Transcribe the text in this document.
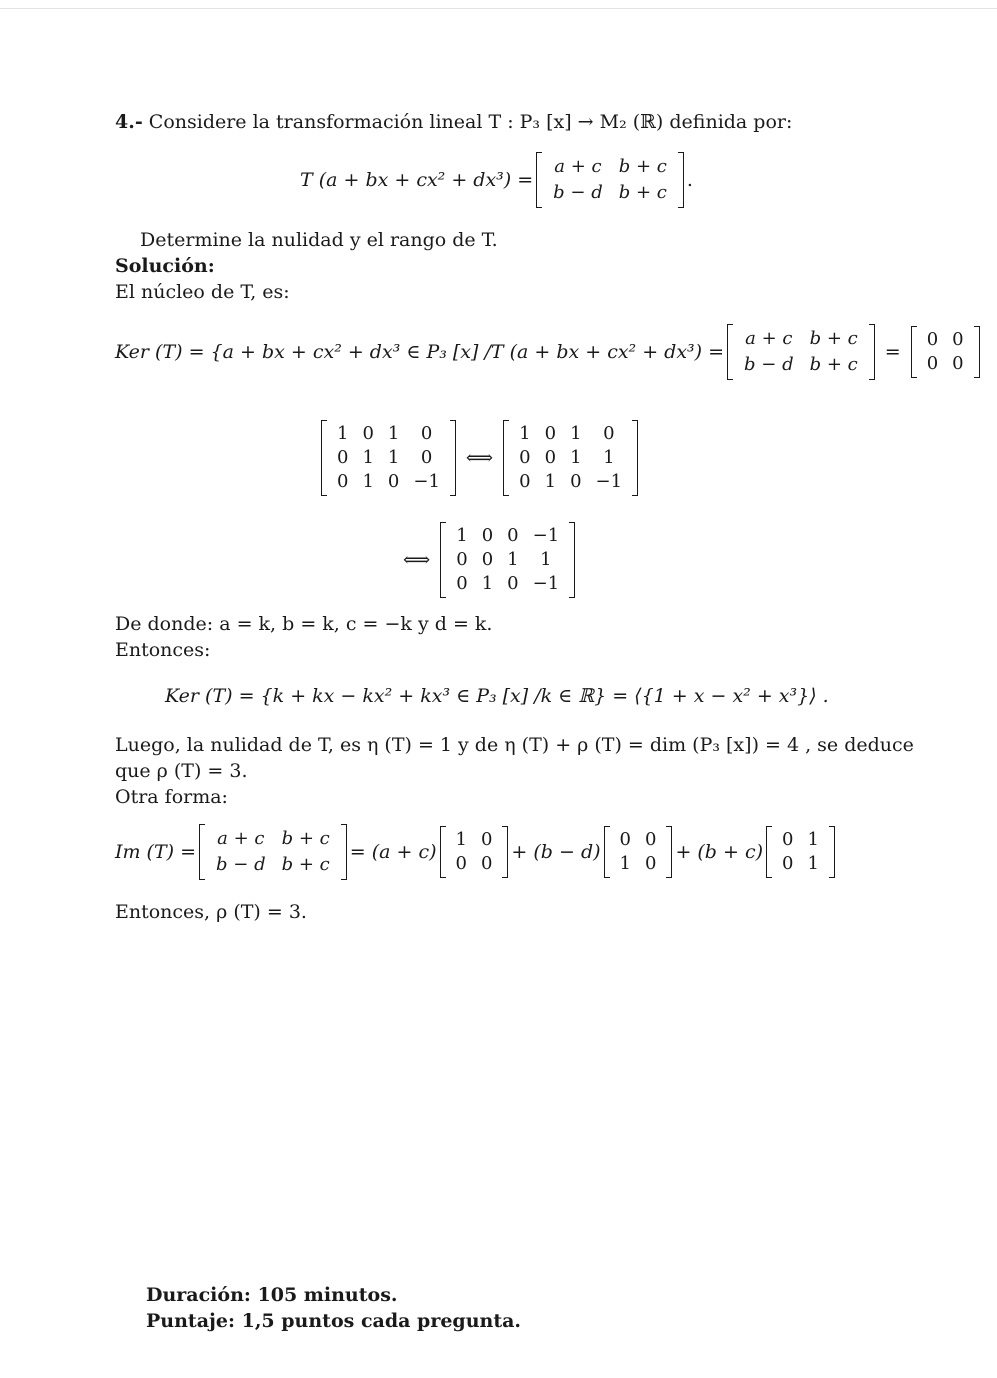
4.- Considere la transformación lineal T : P₃ [x] → M₂ (ℝ) definida por:
T (a + bx + cx² + dx³) =
a + c	b + c
b − d	b + c
.
Determine la nulidad y el rango de T.
Solución:
El núcleo de T, es:
Ker (T) = {a + bx + cx² + dx³ ∈ P₃ [x] /T (a + bx + cx² + dx³) =
a + c	b + c
b − d	b + c
=
0	0
0	0
1	0	1	0
0	1	1	0
0	1	0	−1
⟺
1	0	1	0
0	0	1	1
0	1	0	−1
⟺
1	0	0	−1
0	0	1	1
0	1	0	−1
De donde: a = k, b = k, c = −k y d = k.
Entonces:
Ker (T) = {k + kx − kx² + kx³ ∈ P₃ [x] /k ∈ ℝ} = ⟨{1 + x − x² + x³}⟩ .
Luego, la nulidad de T, es η (T) = 1 y de η (T) + ρ (T) = dim (P₃ [x]) = 4 , se deduce
que ρ (T) = 3.
Otra forma:
Im (T) =
a + c	b + c
b − d	b + c
= (a + c)
1	0
0	0
+ (b − d)
0	0
1	0
+ (b + c)
0	1
0	1
Entonces, ρ (T) = 3.
Duración: 105 minutos.
Puntaje: 1,5 puntos cada pregunta.
